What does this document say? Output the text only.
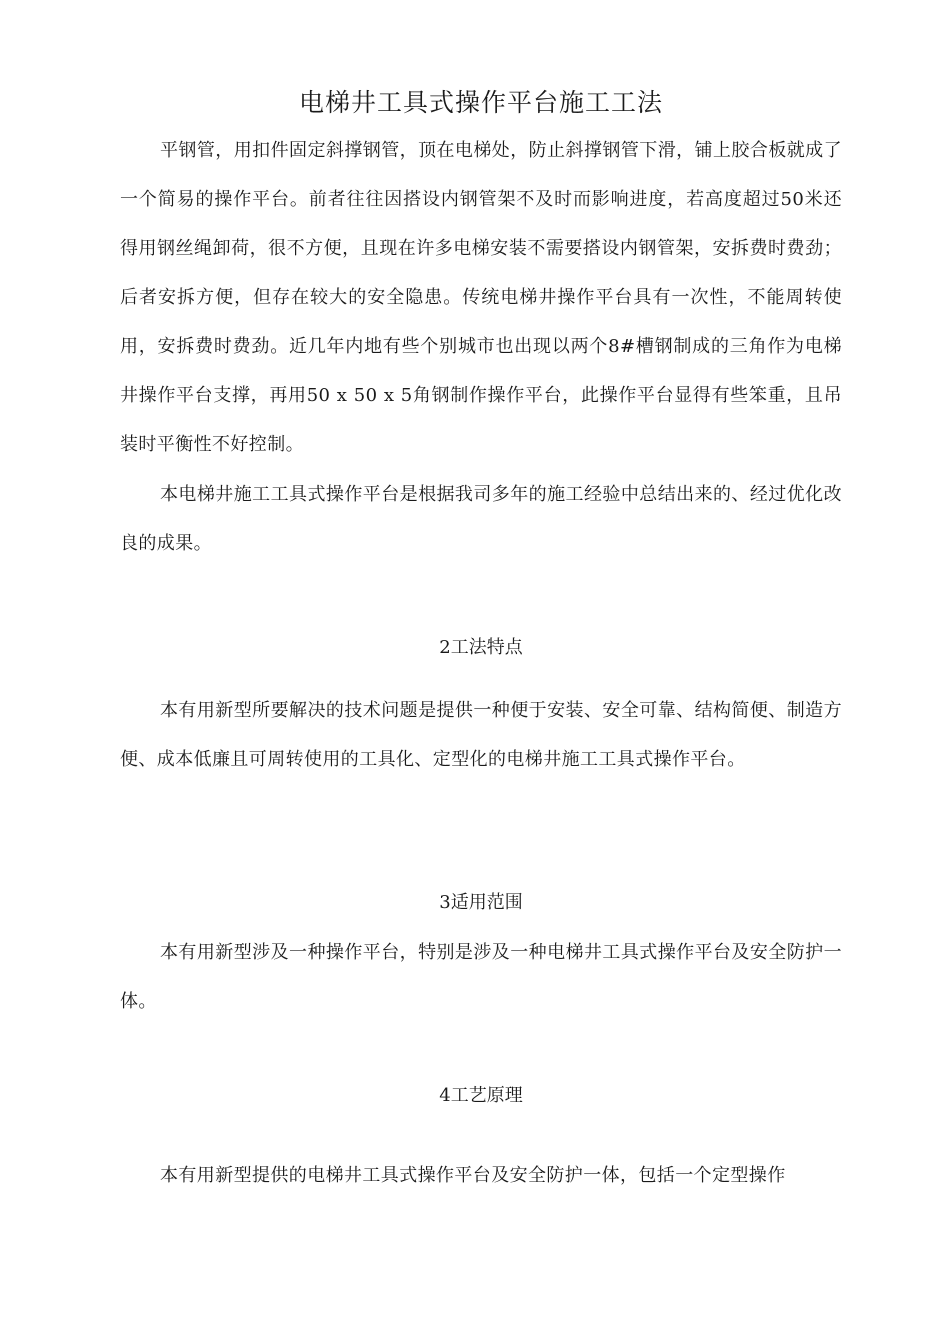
电梯井工具式操作平台施工工法

平钢管，用扣件固定斜撑钢管，顶在电梯处，防止斜撑钢管下滑，铺上胶合板就成了一个简易的操作平台。前者往往因搭设内钢管架不及时而影响进度，若高度超过50米还得用钢丝绳卸荷，很不方便，且现在许多电梯安装不需要搭设内钢管架，安拆费时费劲；后者安拆方便，但存在较大的安全隐患。传统电梯井操作平台具有一次性，不能周转使用，安拆费时费劲。近几年内地有些个别城市也出现以两个8#槽钢制成的三角作为电梯井操作平台支撑，再用50 x 50 x 5角钢制作操作平台，此操作平台显得有些笨重，且吊装时平衡性不好控制。

本电梯井施工工具式操作平台是根据我司多年的施工经验中总结出来的、经过优化改良的成果。

2工法特点

本有用新型所要解决的技术问题是提供一种便于安装、安全可靠、结构简便、制造方便、成本低廉且可周转使用的工具化、定型化的电梯井施工工具式操作平台。

3适用范围

本有用新型涉及一种操作平台，特别是涉及一种电梯井工具式操作平台及安全防护一体。

4工艺原理

本有用新型提供的电梯井工具式操作平台及安全防护一体，包括一个定型操作
